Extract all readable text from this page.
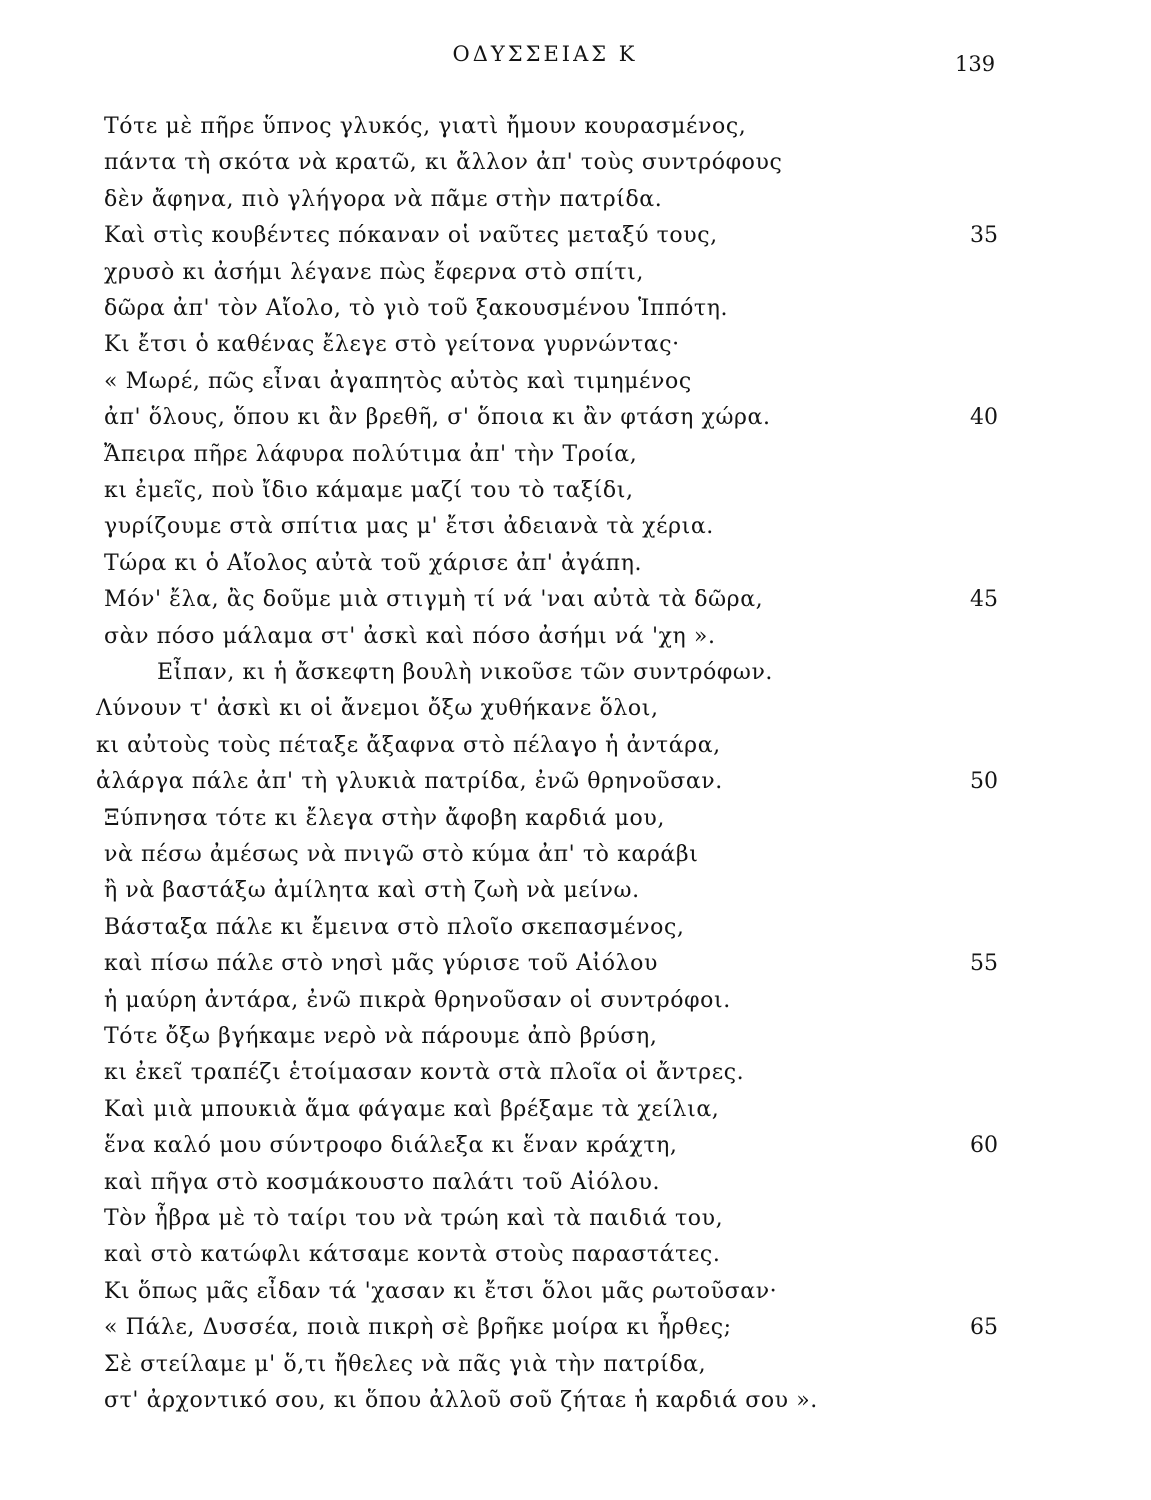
ΟΔΥΣΣΕΙΑΣ Κ	139
Τότε μὲ πῆρε ὕπνος γλυκός, γιατὶ ἤμουν κουρασμένος,
πάντα τὴ σκότα νὰ κρατῶ, κι ἄλλον ἀπ' τοὺς συντρόφους
δὲν ἄφηνα, πιὸ γλήγορα νὰ πᾶμε στὴν πατρίδα.
Καὶ στὶς κουβέντες πόκαναν οἱ ναῦτες μεταξύ τους,	35
χρυσὸ κι ἀσήμι λέγανε πὼς ἔφερνα στὸ σπίτι,
δῶρα ἀπ' τὸν Αἴολο, τὸ γιὸ τοῦ ξακουσμένου Ἱππότη.
Κι ἔτσι ὁ καθένας ἔλεγε στὸ γείτονα γυρνώντας·
« Μωρέ, πῶς εἶναι ἀγαπητὸς αὐτὸς καὶ τιμημένος
ἀπ' ὅλους, ὅπου κι ἂν βρεθῆ, σ' ὅποια κι ἂν φτάση χώρα.	40
Ἄπειρα πῆρε λάφυρα πολύτιμα ἀπ' τὴν Τροία,
κι ἐμεῖς, ποὺ ἴδιο κάμαμε μαζί του τὸ ταξίδι,
γυρίζουμε στὰ σπίτια μας μ' ἔτσι ἀδειανὰ τὰ χέρια.
Τώρα κι ὁ Αἴολος αὐτὰ τοῦ χάρισε ἀπ' ἀγάπη.
Μόν' ἔλα, ἂς δοῦμε μιὰ στιγμὴ τί νά 'ναι αὐτὰ τὰ δῶρα,	45
σὰν πόσο μάλαμα στ' ἀσκὶ καὶ πόσο ἀσήμι νά 'χη ».
Εἶπαν, κι ἡ ἄσκεφτη βουλὴ νικοῦσε τῶν συντρόφων.
Λύνουν τ' ἀσκὶ κι οἱ ἄνεμοι ὄξω χυθήκανε ὅλοι,
κι αὐτοὺς τοὺς πέταξε ἄξαφνα στὸ πέλαγο ἡ ἀντάρα,
ἀλάργα πάλε ἀπ' τὴ γλυκιὰ πατρίδα, ἐνῶ θρηνοῦσαν.	50
Ξύπνησα τότε κι ἔλεγα στὴν ἄφοβη καρδιά μου,
νὰ πέσω ἀμέσως νὰ πνιγῶ στὸ κύμα ἀπ' τὸ καράβι
ἢ νὰ βαστάξω ἀμίλητα καὶ στὴ ζωὴ νὰ μείνω.
Βάσταξα πάλε κι ἔμεινα στὸ πλοῖο σκεπασμένος,
καὶ πίσω πάλε στὸ νησὶ μᾶς γύρισε τοῦ Αἰόλου	55
ἡ μαύρη ἀντάρα, ἐνῶ πικρὰ θρηνοῦσαν οἱ συντρόφοι.
Τότε ὄξω βγήκαμε νερὸ νὰ πάρουμε ἀπὸ βρύση,
κι ἐκεῖ τραπέζι ἑτοίμασαν κοντὰ στὰ πλοῖα οἱ ἄντρες.
Καὶ μιὰ μπουκιὰ ἅμα φάγαμε καὶ βρέξαμε τὰ χείλια,
ἕνα καλό μου σύντροφο διάλεξα κι ἕναν κράχτη,	60
καὶ πῆγα στὸ κοσμάκουστο παλάτι τοῦ Αἰόλου.
Τὸν ἦβρα μὲ τὸ ταίρι του νὰ τρώη καὶ τὰ παιδιά του,
καὶ στὸ κατώφλι κάτσαμε κοντὰ στοὺς παραστάτες.
Κι ὅπως μᾶς εἶδαν τά 'χασαν κι ἔτσι ὅλοι μᾶς ρωτοῦσαν·
« Πάλε, Δυσσέα, ποιὰ πικρὴ σὲ βρῆκε μοίρα κι ἦρθες;	65
Σὲ στείλαμε μ' ὅ,τι ἤθελες νὰ πᾶς γιὰ τὴν πατρίδα,
στ' ἀρχοντικό σου, κι ὅπου ἀλλοῦ σοῦ ζήταε ἡ καρδιά σου ».
